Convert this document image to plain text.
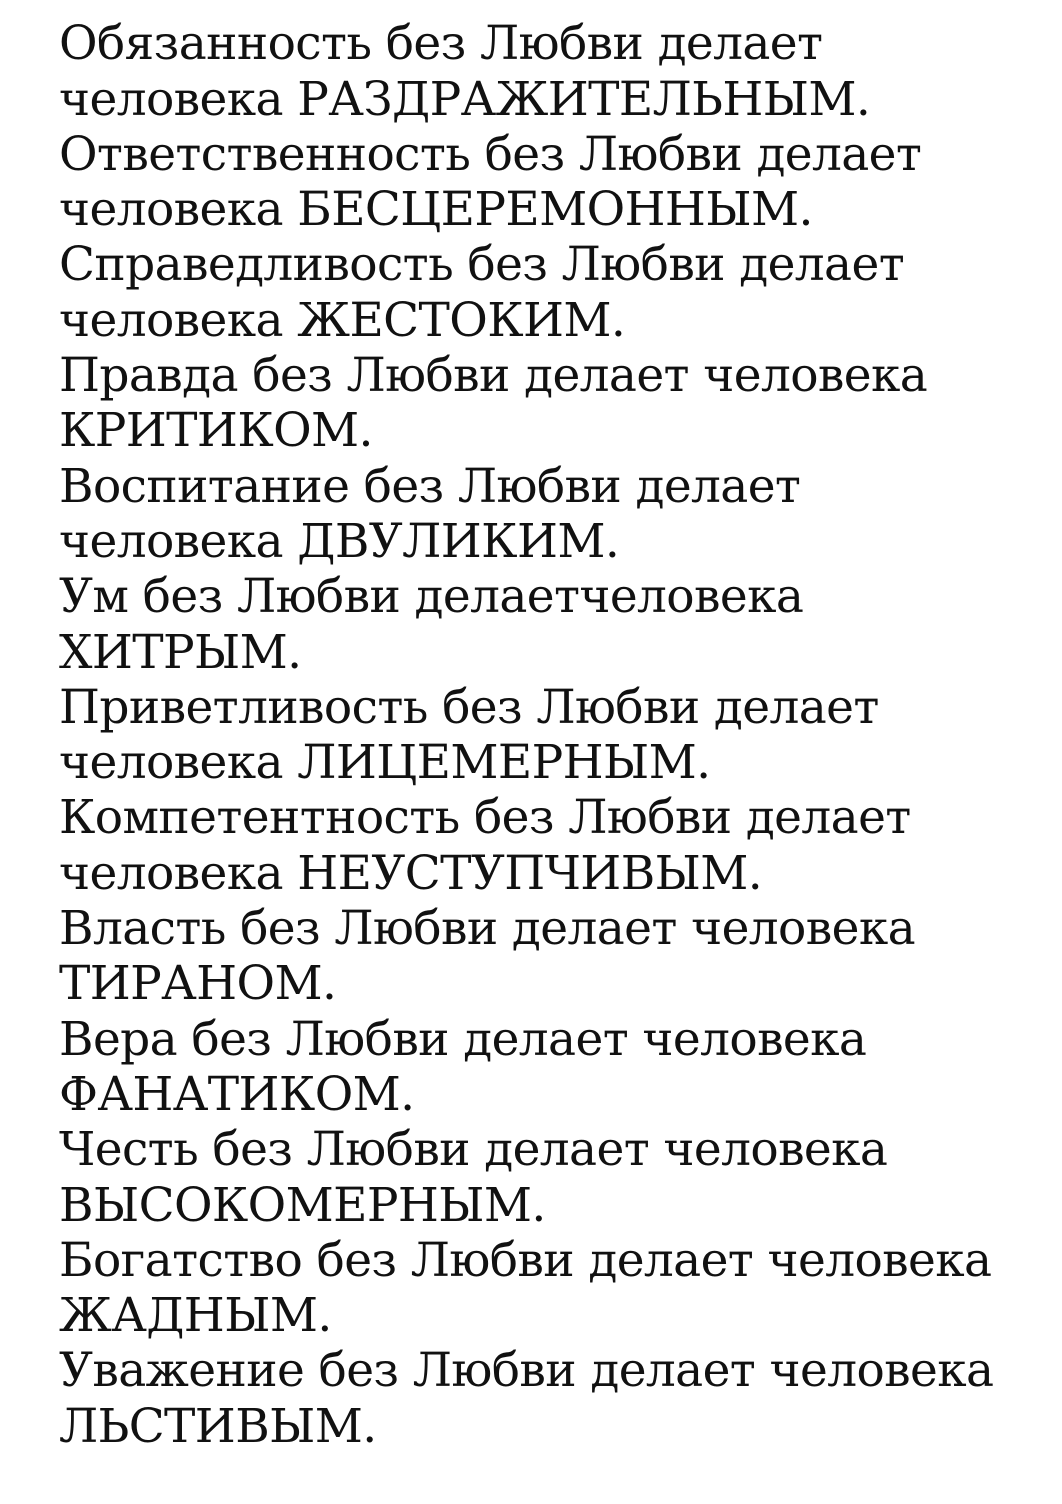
Обязанность без Любви делает
человека РАЗДРАЖИТЕЛЬНЫМ.
Ответственность без Любви делает
человека БЕСЦЕРЕМОННЫМ.
Справедливость без Любви делает
человека ЖЕСТОКИМ.
Правда без Любви делает человека
КРИТИКОМ.
Воспитание без Любви делает
человека ДВУЛИКИМ.
Ум без Любви делаетчеловека
ХИТРЫМ.
Приветливость без Любви делает
человека ЛИЦЕМЕРНЫМ.
Компетентность без Любви делает
человека НЕУСТУПЧИВЫМ.
Власть без Любви делает человека
ТИРАНОМ.
Вера без Любви делает человека
ФАНАТИКОМ.
Честь без Любви делает человека
ВЫСОКОМЕРНЫМ.
Богатство без Любви делает человека
ЖАДНЫМ.
Уважение без Любви делает человека
ЛЬСТИВЫМ.
